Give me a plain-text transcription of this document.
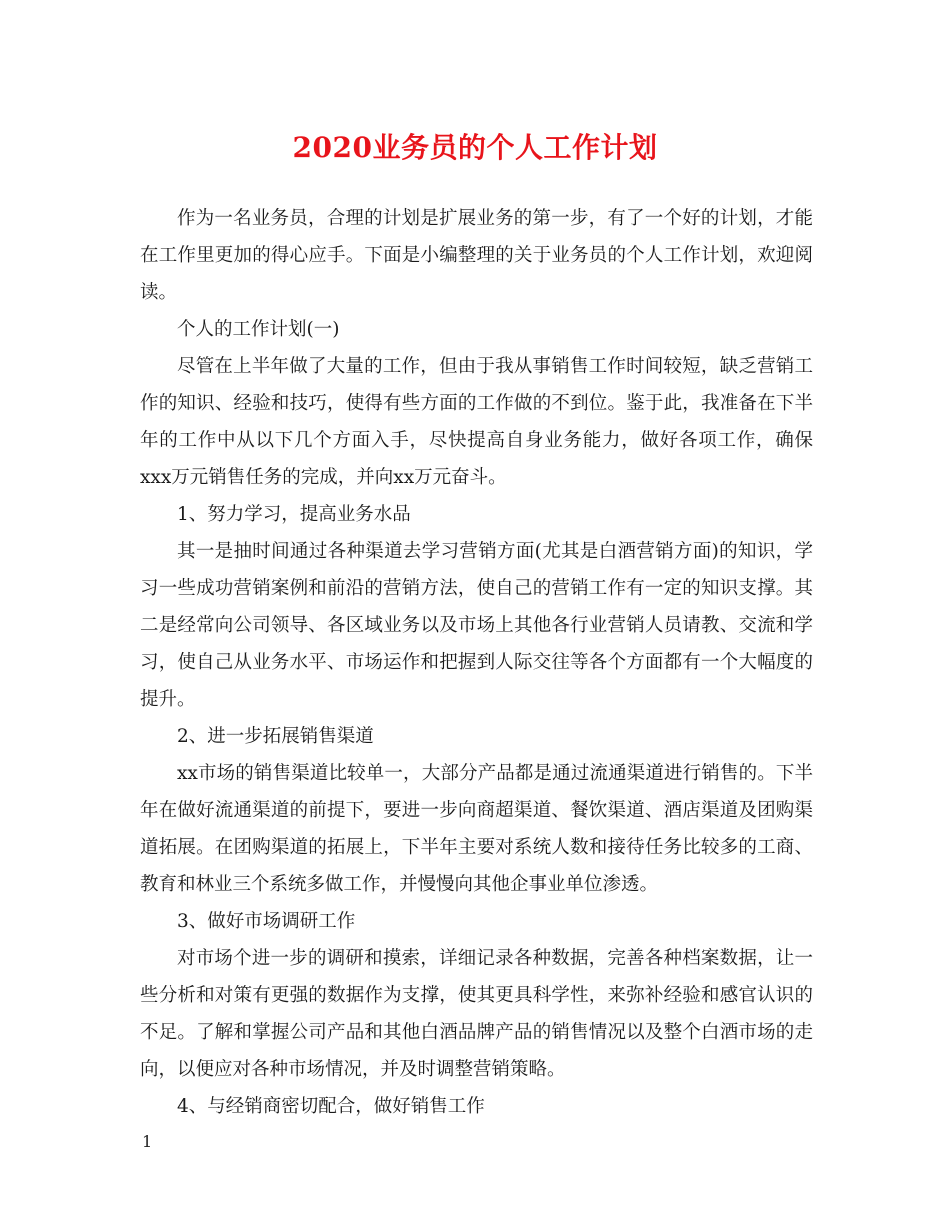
2020业务员的个人工作计划

作为一名业务员，合理的计划是扩展业务的第一步，有了一个好的计划，才能在工作里更加的得心应手。下面是小编整理的关于业务员的个人工作计划，欢迎阅读。

个人的工作计划(一)

尽管在上半年做了大量的工作，但由于我从事销售工作时间较短，缺乏营销工作的知识、经验和技巧，使得有些方面的工作做的不到位。鉴于此，我准备在下半年的工作中从以下几个方面入手，尽快提高自身业务能力，做好各项工作，确保xxx万元销售任务的完成，并向xx万元奋斗。

1、努力学习，提高业务水品

其一是抽时间通过各种渠道去学习营销方面(尤其是白酒营销方面)的知识，学习一些成功营销案例和前沿的营销方法，使自己的营销工作有一定的知识支撑。其二是经常向公司领导、各区域业务以及市场上其他各行业营销人员请教、交流和学习，使自己从业务水平、市场运作和把握到人际交往等各个方面都有一个大幅度的提升。

2、进一步拓展销售渠道

xx市场的销售渠道比较单一，大部分产品都是通过流通渠道进行销售的。下半年在做好流通渠道的前提下，要进一步向商超渠道、餐饮渠道、酒店渠道及团购渠道拓展。在团购渠道的拓展上，下半年主要对系统人数和接待任务比较多的工商、教育和林业三个系统多做工作，并慢慢向其他企事业单位渗透。

3、做好市场调研工作

对市场个进一步的调研和摸索，详细记录各种数据，完善各种档案数据，让一些分析和对策有更强的数据作为支撑，使其更具科学性，来弥补经验和感官认识的不足。了解和掌握公司产品和其他白酒品牌产品的销售情况以及整个白酒市场的走向，以便应对各种市场情况，并及时调整营销策略。

4、与经销商密切配合，做好销售工作

1
